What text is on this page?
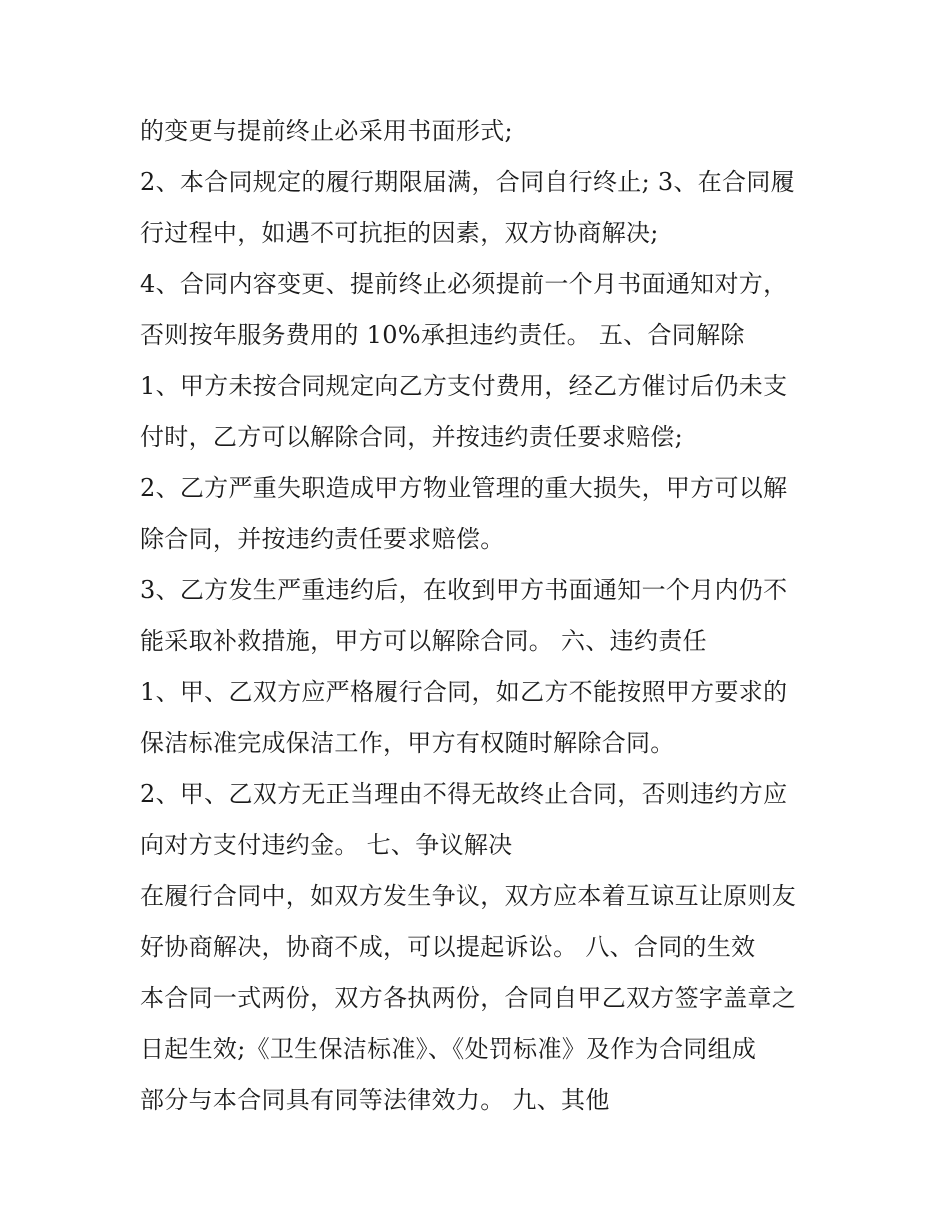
的变更与提前终止必采用书面形式;
2、本合同规定的履行期限届满，合同自行终止; 3、在合同履
行过程中，如遇不可抗拒的因素，双方协商解决;
4、合同内容变更、提前终止必须提前一个月书面通知对方，
否则按年服务费用的 10%承担违约责任。 五、合同解除
1、甲方未按合同规定向乙方支付费用，经乙方催讨后仍未支
付时，乙方可以解除合同，并按违约责任要求赔偿;
2、乙方严重失职造成甲方物业管理的重大损失，甲方可以解
除合同，并按违约责任要求赔偿。
3、乙方发生严重违约后，在收到甲方书面通知一个月内仍不
能采取补救措施，甲方可以解除合同。 六、违约责任
1、甲、乙双方应严格履行合同，如乙方不能按照甲方要求的
保洁标准完成保洁工作，甲方有权随时解除合同。
2、甲、乙双方无正当理由不得无故终止合同，否则违约方应
向对方支付违约金。 七、争议解决
在履行合同中，如双方发生争议，双方应本着互谅互让原则友
好协商解决，协商不成，可以提起诉讼。 八、合同的生效
本合同一式两份，双方各执两份，合同自甲乙双方签字盖章之
日起生效;《卫生保洁标准》、《处罚标准》及作为合同组成
部分与本合同具有同等法律效力。 九、其他
